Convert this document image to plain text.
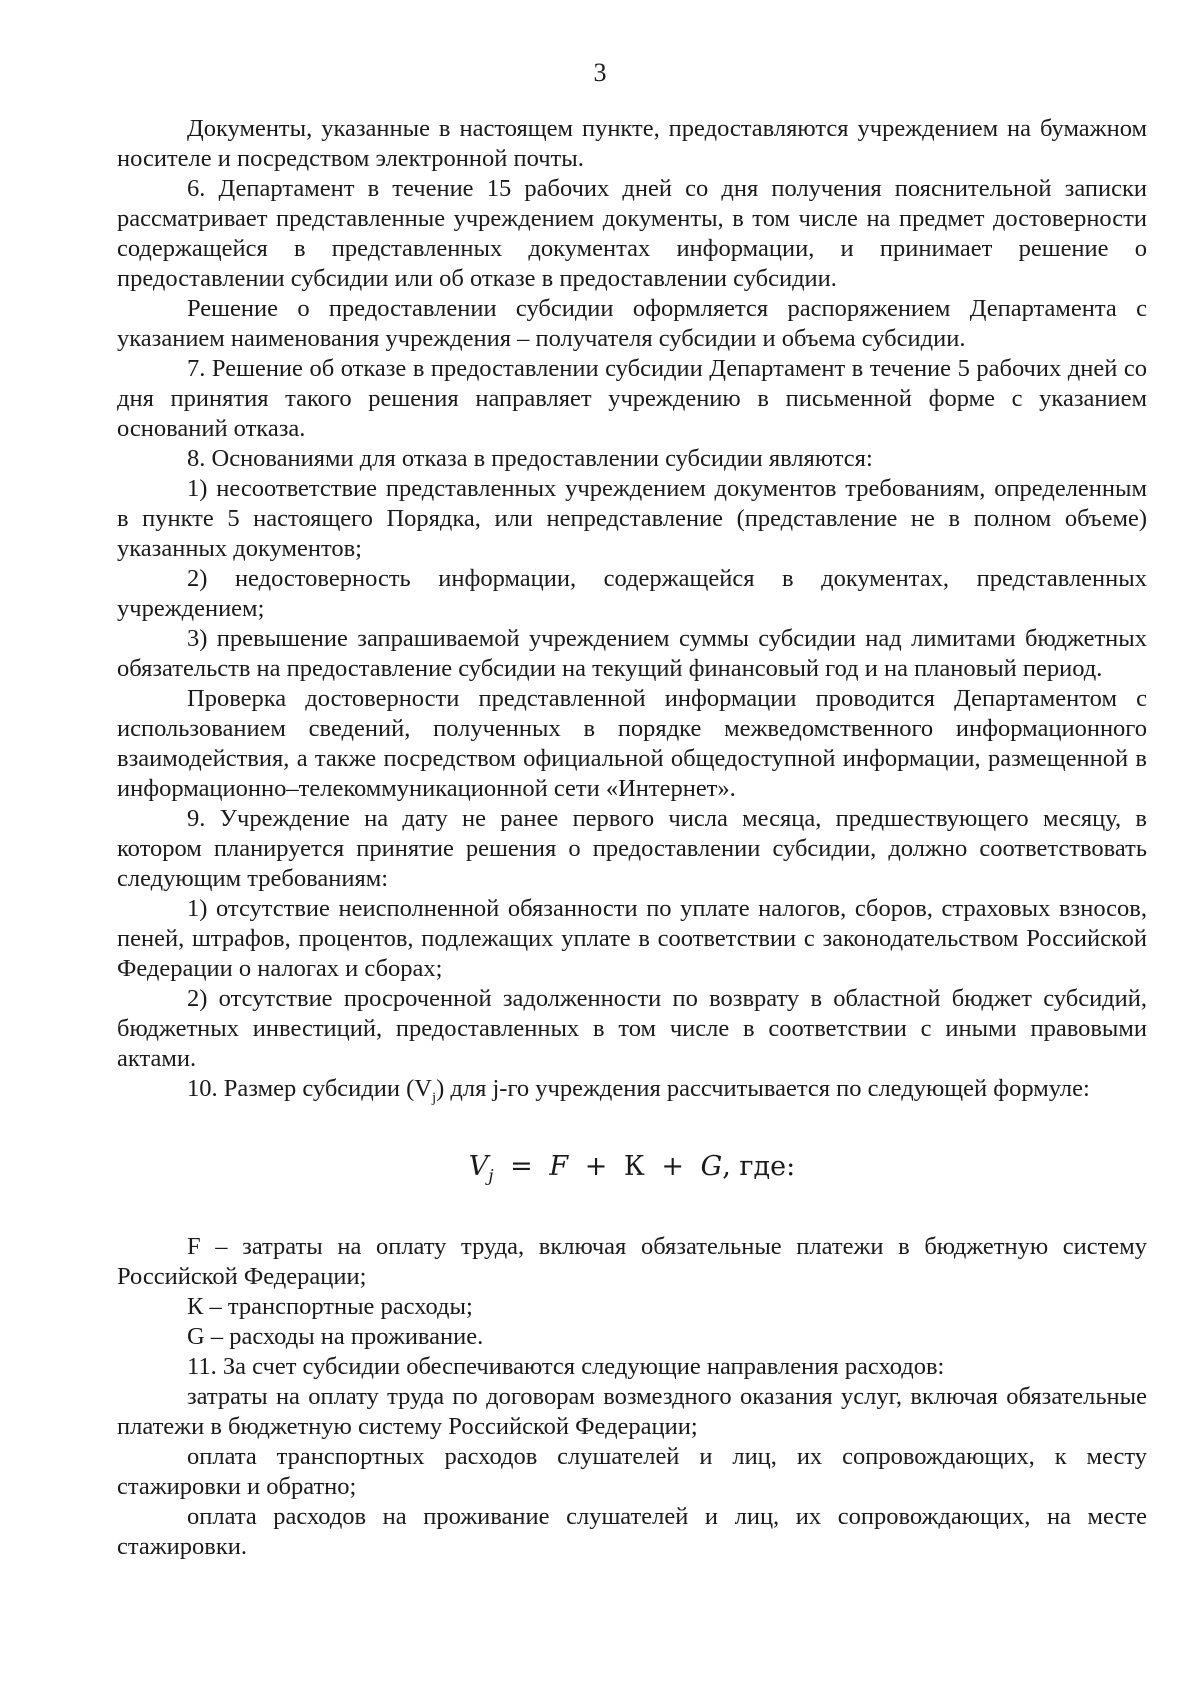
3

Документы, указанные в настоящем пункте, предоставляются учреждением на бумажном носителе и посредством электронной почты.

6. Департамент в течение 15 рабочих дней со дня получения пояснительной записки рассматривает представленные учреждением документы, в том числе на предмет достоверности содержащейся в представленных документах информации, и принимает решение о предоставлении субсидии или об отказе в предоставлении субсидии.

Решение о предоставлении субсидии оформляется распоряжением Департамента с указанием наименования учреждения – получателя субсидии и объема субсидии.

7. Решение об отказе в предоставлении субсидии Департамент в течение 5 рабочих дней со дня принятия такого решения направляет учреждению в письменной форме с указанием оснований отказа.

8. Основаниями для отказа в предоставлении субсидии являются:

1) несоответствие представленных учреждением документов требованиям, определенным в пункте 5 настоящего Порядка, или непредставление (представление не в полном объеме) указанных документов;

2) недостоверность информации, содержащейся в документах, представленных учреждением;

3) превышение запрашиваемой учреждением суммы субсидии над лимитами бюджетных обязательств на предоставление субсидии на текущий финансовый год и на плановый период.

Проверка достоверности представленной информации проводится Департаментом с использованием сведений, полученных в порядке межведомственного информационного взаимодействия, а также посредством официальной общедоступной информации, размещенной в информационно–телекоммуникационной сети «Интернет».

9. Учреждение на дату не ранее первого числа месяца, предшествующего месяцу, в котором планируется принятие решения о предоставлении субсидии, должно соответствовать следующим требованиям:

1) отсутствие неисполненной обязанности по уплате налогов, сборов, страховых взносов, пеней, штрафов, процентов, подлежащих уплате в соответствии с законодательством Российской Федерации о налогах и сборах;

2) отсутствие просроченной задолженности по возврату в областной бюджет субсидий, бюджетных инвестиций, предоставленных в том числе в соответствии с иными правовыми актами.

10. Размер субсидии $(V_j)$ для j-го учреждения рассчитывается по следующей формуле:

$V_j = F + К + G$, где:

F – затраты на оплату труда, включая обязательные платежи в бюджетную систему Российской Федерации;

К – транспортные расходы;

G – расходы на проживание.

11. За счет субсидии обеспечиваются следующие направления расходов:

затраты на оплату труда по договорам возмездного оказания услуг, включая обязательные платежи в бюджетную систему Российской Федерации;

оплата транспортных расходов слушателей и лиц, их сопровождающих, к месту стажировки и обратно;

оплата расходов на проживание слушателей и лиц, их сопровождающих, на месте стажировки.
